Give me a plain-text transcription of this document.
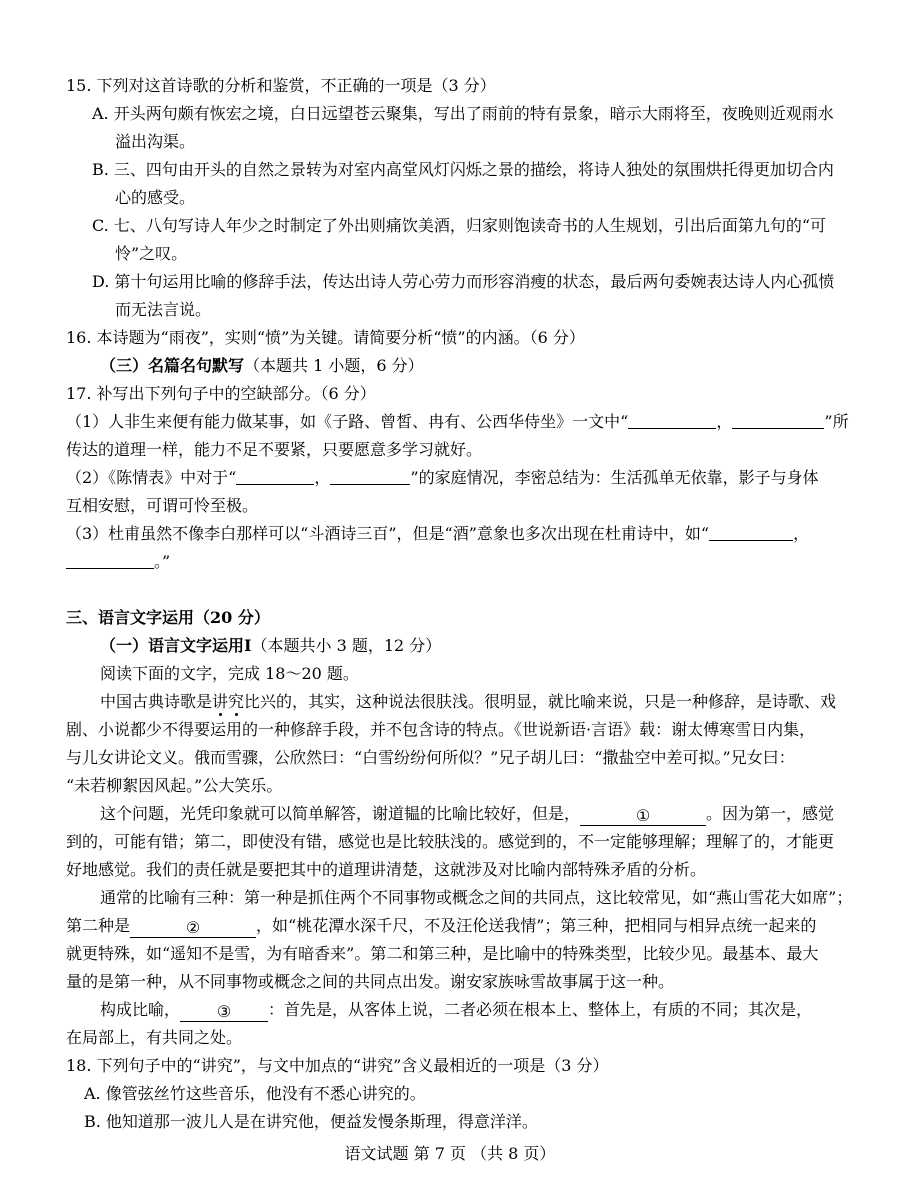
15. 下列对这首诗歌的分析和鉴赏，不正确的一项是（3 分）
A. 开头两句颇有恢宏之境，白日远望苍云聚集，写出了雨前的特有景象，暗示大雨将至，夜晚则近观雨水
溢出沟渠。
B. 三、四句由开头的自然之景转为对室内高堂风灯闪烁之景的描绘，将诗人独处的氛围烘托得更加切合内
心的感受。
C. 七、八句写诗人年少之时制定了外出则痛饮美酒，归家则饱读奇书的人生规划，引出后面第九句的“可
怜”之叹。
D. 第十句运用比喻的修辞手法，传达出诗人劳心劳力而形容消瘦的状态，最后两句委婉表达诗人内心孤愤
而无法言说。
16. 本诗题为“雨夜”，实则“愤”为关键。请简要分析“愤”的内涵。（6 分）
（三）名篇名句默写（本题共 1 小题，6 分）
17. 补写出下列句子中的空缺部分。（6 分）
（1）人非生来便有能力做某事，如《子路、曾皙、冉有、公西华侍坐》一文中“	，	”所
传达的道理一样，能力不足不要紧，只要愿意多学习就好。
（2）《陈情表》中对于“	，	”的家庭情况，李密总结为：生活孤单无依靠，影子与身体
互相安慰，可谓可怜至极。
（3）杜甫虽然不像李白那样可以“斗酒诗三百”，但是“酒”意象也多次出现在杜甫诗中，如“	，
。”
三、语言文字运用（20 分）
（一）语言文字运用Ⅰ（本题共小 3 题，12 分）
阅读下面的文字，完成 18～20 题。
中国古典诗歌是讲究比兴的，其实，这种说法很肤浅。很明显，就比喻来说，只是一种修辞，是诗歌、戏
剧、小说都少不得要运用的一种修辞手段，并不包含诗的特点。《世说新语·言语》载：谢太傅寒雪日内集，
与儿女讲论文义。俄而雪骤，公欣然曰：“白雪纷纷何所似？”兄子胡儿曰：“撒盐空中差可拟。”兄女曰：
“未若柳絮因风起。”公大笑乐。
这个问题，光凭印象就可以简单解答，谢道韫的比喻比较好，但是，	①	。因为第一，感觉
到的，可能有错；第二，即使没有错，感觉也是比较肤浅的。感觉到的，不一定能够理解；理解了的，才能更
好地感觉。我们的责任就是要把其中的道理讲清楚，这就涉及对比喻内部特殊矛盾的分析。
通常的比喻有三种：第一种是抓住两个不同事物或概念之间的共同点，这比较常见，如“燕山雪花大如席”；
第二种是	②	，如“桃花潭水深千尺，不及汪伦送我情”；第三种，把相同与相异点统一起来的
就更特殊，如“遥知不是雪，为有暗香来”。第二和第三种，是比喻中的特殊类型，比较少见。最基本、最大
量的是第一种，从不同事物或概念之间的共同点出发。谢安家族咏雪故事属于这一种。
构成比喻， ③ ：首先是，从客体上说，二者必须在根本上、整体上，有质的不同；其次是，
在局部上，有共同之处。
18. 下列句子中的“讲究”，与文中加点的“讲究”含义最相近的一项是（3 分）
A. 像管弦丝竹这些音乐，他没有不悉心讲究的。
B. 他知道那一波儿人是在讲究他，便益发慢条斯理，得意洋洋。
语文试题 第 7 页 （共 8 页）
